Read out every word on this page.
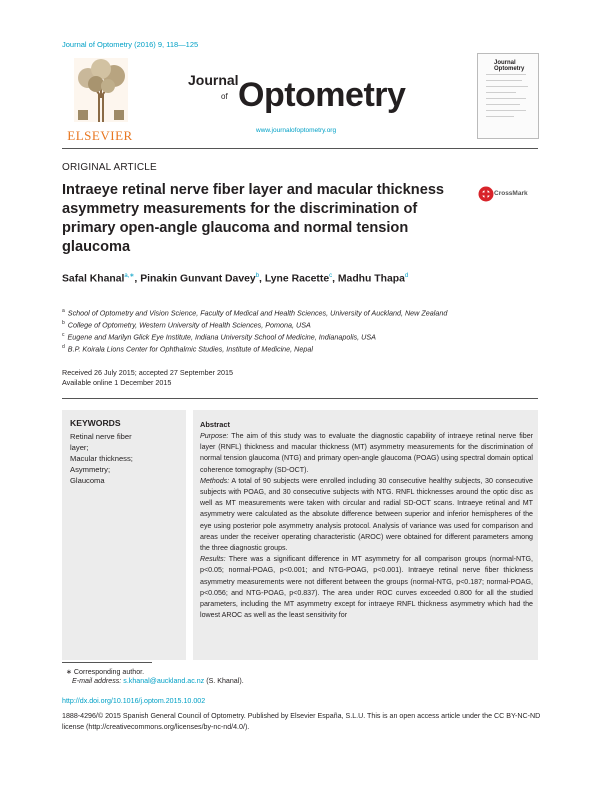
Journal of Optometry (2016) 9, 118—125
ELSEVIER
Journal
of Optometry
www.journalofoptometry.org
Journal Optometry
ORIGINAL ARTICLE
Intraeye retinal nerve fiber layer and macular thickness asymmetry measurements for the discrimination of primary open-angle glaucoma and normal tension glaucoma
CrossMark
Safal Khanal$^{a,∗}$, Pinakin Gunvant Davey$^b$, Lyne Racette$^c$, Madhu Thapa$^d$
$^a$ School of Optometry and Vision Science, Faculty of Medical and Health Sciences, University of Auckland, New Zealand
$^b$ College of Optometry, Western University of Health Sciences, Pomona, USA
$^c$ Eugene and Marilyn Glick Eye Institute, Indiana University School of Medicine, Indianapolis, USA
$^d$ B.P. Koirala Lions Center for Ophthalmic Studies, Institute of Medicine, Nepal
Received 26 July 2015; accepted 27 September 2015
Available online 1 December 2015
KEYWORDS
Retinal nerve fiber
layer;
Macular thickness;
Asymmetry;
Glaucoma
Abstract

Purpose: The aim of this study was to evaluate the diagnostic capability of intraeye retinal nerve fiber layer (RNFL) thickness and macular thickness (MT) asymmetry measurements for the discrimination of normal tension glaucoma (NTG) and primary open-angle glaucoma (POAG) using spectral domain optical coherence tomography (SD-OCT).

Methods: A total of 90 subjects were enrolled including 30 consecutive healthy subjects, 30 consecutive subjects with POAG, and 30 consecutive subjects with NTG. RNFL thicknesses around the optic disc as well as MT measurements were taken with circular and radial SD-OCT scans. Intraeye retinal and MT asymmetry were calculated as the absolute difference between superior and inferior hemispheres of the eye using posterior pole asymmetry analysis protocol. Analysis of variance was used for comparison and areas under the receiver operating characteristic (AROC) were obtained for different parameters among the three diagnostic groups.

Results: There was a significant difference in MT asymmetry for all comparison groups (normal-NTG, p<0.05; normal-POAG, p<0.001; and NTG-POAG, p<0.001). Intraeye retinal nerve fiber thickness asymmetry measurements were not different between the groups (normal-NTG, p<0.187; normal-POAG, p<0.056; and NTG-POAG, p<0.837). The area under ROC curves exceeded 0.800 for all the studied parameters, including the MT asymmetry except for intraeye RNFL thickness asymmetry which had the lowest AROC as well as the least sensitivity for

∗ Corresponding author.
E-mail address: s.khanal@auckland.ac.nz (S. Khanal).
http://dx.doi.org/10.1016/j.optom.2015.10.002
1888-4296/© 2015 Spanish General Council of Optometry. Published by Elsevier España, S.L.U. This is an open access article under the CC BY-NC-ND license (http://creativecommons.org/licenses/by-nc-nd/4.0/).
